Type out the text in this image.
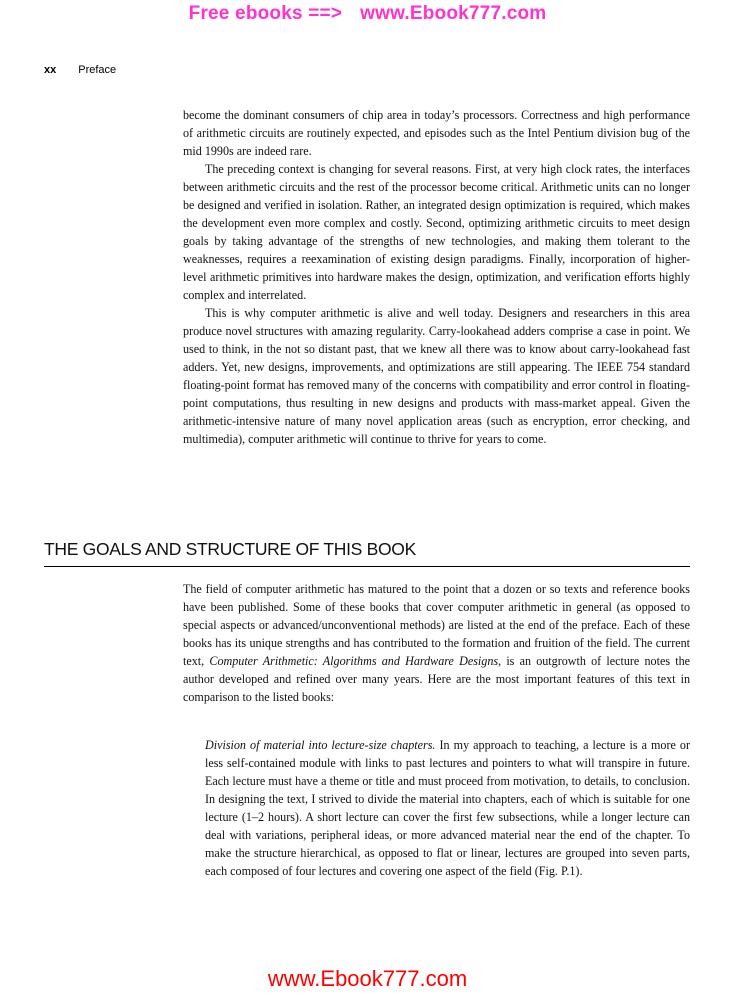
Free ebooks ==> www.Ebook777.com
xx Preface

become the dominant consumers of chip area in today’s processors. Correctness and high performance of arithmetic circuits are routinely expected, and episodes such as the Intel Pentium division bug of the mid 1990s are indeed rare.

The preceding context is changing for several reasons. First, at very high clock rates, the interfaces between arithmetic circuits and the rest of the processor become critical. Arithmetic units can no longer be designed and verified in isolation. Rather, an integrated design optimization is required, which makes the development even more complex and costly. Second, optimizing arithmetic circuits to meet design goals by taking advantage of the strengths of new technologies, and making them tolerant to the weaknesses, requires a reexamination of existing design paradigms. Finally, incorporation of higher-level arithmetic primitives into hardware makes the design, optimization, and verification efforts highly complex and interrelated.

This is why computer arithmetic is alive and well today. Designers and researchers in this area produce novel structures with amazing regularity. Carry-lookahead adders comprise a case in point. We used to think, in the not so distant past, that we knew all there was to know about carry-lookahead fast adders. Yet, new designs, improvements, and optimizations are still appearing. The IEEE 754 standard floating-point format has removed many of the concerns with compatibility and error control in floating-point computations, thus resulting in new designs and products with mass-market appeal. Given the arithmetic-intensive nature of many novel application areas (such as encryption, error checking, and multimedia), computer arithmetic will continue to thrive for years to come.

THE GOALS AND STRUCTURE OF THIS BOOK

The field of computer arithmetic has matured to the point that a dozen or so texts and reference books have been published. Some of these books that cover computer arithmetic in general (as opposed to special aspects or advanced/unconventional methods) are listed at the end of the preface. Each of these books has its unique strengths and has contributed to the formation and fruition of the field. The current text, Computer Arithmetic: Algorithms and Hardware Designs, is an outgrowth of lecture notes the author developed and refined over many years. Here are the most important features of this text in comparison to the listed books:

Division of material into lecture-size chapters. In my approach to teaching, a lecture is a more or less self-contained module with links to past lectures and pointers to what will transpire in future. Each lecture must have a theme or title and must proceed from motivation, to details, to conclusion. In designing the text, I strived to divide the material into chapters, each of which is suitable for one lecture (1–2 hours). A short lecture can cover the first few subsections, while a longer lecture can deal with variations, peripheral ideas, or more advanced material near the end of the chapter. To make the structure hierarchical, as opposed to flat or linear, lectures are grouped into seven parts, each composed of four lectures and covering one aspect of the field (Fig. P.1).
www.Ebook777.com
